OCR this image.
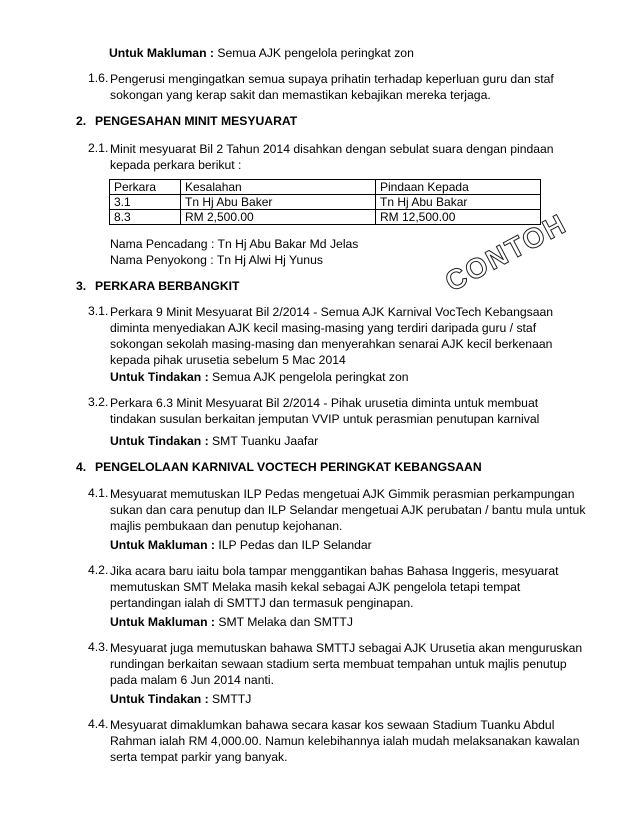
Untuk Makluman : Semua AJK pengelola peringkat zon
1.6. Pengerusi mengingatkan semua supaya prihatin terhadap keperluan guru dan staf

sokongan yang kerap sakit dan memastikan kebajikan mereka terjaga.

2. PENGESAHAN MINIT MESYUARAT
2.1. Minit mesyuarat Bil 2 Tahun 2014 disahkan dengan sebulat suara dengan pindaan

kepada perkara berikut :

Perkara	Kesalahan	Pindaan Kepada
3.1	Tn Hj Abu Baker	Tn Hj Abu Bakar
8.3	RM 2,500.00	RM 12,500.00
Nama Pencadang : Tn Hj Abu Bakar Md Jelas
Nama Penyokong : Tn Hj Alwi Hj Yunus	CONTOH
3. PERKARA BERBANGKIT
3.1. Perkara 9 Minit Mesyuarat Bil 2/2014 - Semua AJK Karnival VocTech Kebangsaan

diminta menyediakan AJK kecil masing-masing yang terdiri daripada guru / staf

sokongan sekolah masing-masing dan menyerahkan senarai AJK kecil berkenaan

kepada pihak urusetia sebelum 5 Mac 2014

Untuk Tindakan : Semua AJK pengelola peringkat zon
3.2. Perkara 6.3 Minit Mesyuarat Bil 2/2014 - Pihak urusetia diminta untuk membuat

tindakan susulan berkaitan jemputan VVIP untuk perasmian penutupan karnival

Untuk Tindakan : SMT Tuanku Jaafar
4. PENGELOLAAN KARNIVAL VOCTECH PERINGKAT KEBANGSAAN
4.1. Mesyuarat memutuskan ILP Pedas mengetuai AJK Gimmik perasmian perkampungan

sukan dan cara penutup dan ILP Selandar mengetuai AJK perubatan / bantu mula untuk

majlis pembukaan dan penutup kejohanan.

Untuk Makluman : ILP Pedas dan ILP Selandar
4.2. Jika acara baru iaitu bola tampar menggantikan bahas Bahasa Inggeris, mesyuarat

memutuskan SMT Melaka masih kekal sebagai AJK pengelola tetapi tempat

pertandingan ialah di SMTTJ dan termasuk penginapan.

Untuk Makluman : SMT Melaka dan SMTTJ
4.3. Mesyuarat juga memutuskan bahawa SMTTJ sebagai AJK Urusetia akan menguruskan

rundingan berkaitan sewaan stadium serta membuat tempahan untuk majlis penutup

pada malam 6 Jun 2014 nanti.

Untuk Tindakan : SMTTJ
4.4. Mesyuarat dimaklumkan bahawa secara kasar kos sewaan Stadium Tuanku Abdul

Rahman ialah RM 4,000.00. Namun kelebihannya ialah mudah melaksanakan kawalan

serta tempat parkir yang banyak.
